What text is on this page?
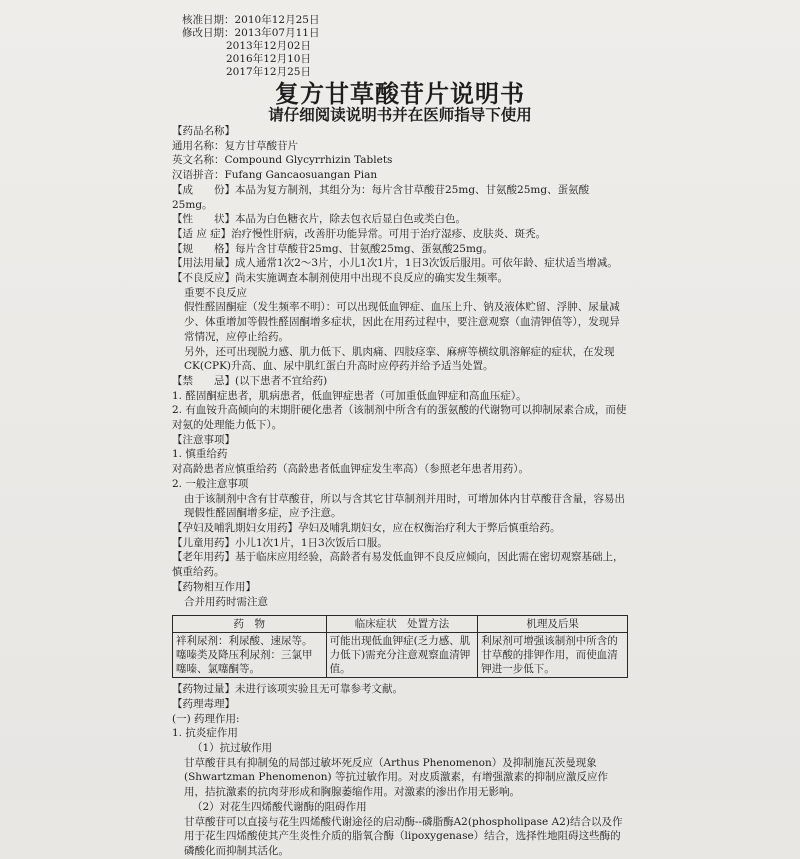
核准日期：2010年12月25日
修改日期：2013年07月11日
2013年12月02日
2016年12月10日
2017年12月25日
复方甘草酸苷片说明书
请仔细阅读说明书并在医师指导下使用
【药品名称】
通用名称：复方甘草酸苷片
英文名称：Compound Glycyrrhizin Tablets
汉语拼音：Fufang Gancaosuangan Pian
【成　　份】本品为复方制剂，其组分为：每片含甘草酸苷25mg、甘氨酸25mg、蛋氨酸25mg。
【性　　状】本品为白色糖衣片，除去包衣后显白色或类白色。
【适 应 症】治疗慢性肝病，改善肝功能异常。可用于治疗湿疹、皮肤炎、斑秃。
【规　　格】每片含甘草酸苷25mg、甘氨酸25mg、蛋氨酸25mg。
【用法用量】成人通常1次2～3片，小儿1次1片，1日3次饭后服用。可依年龄、症状适当增减。
【不良反应】尚未实施调查本制剂使用中出现不良反应的确实发生频率。
重要不良反应
假性醛固酮症（发生频率不明）：可以出现低血钾症、血压上升、钠及液体贮留、浮肿、尿量减少、体重增加等假性醛固酮增多症状，因此在用药过程中，要注意观察（血清钾值等），发现异常情况，应停止给药。
另外，还可出现脱力感、肌力低下、肌肉痛、四肢痉挛、麻痹等横纹肌溶解症的症状，在发现CK(CPK)升高、血、尿中肌红蛋白升高时应停药并给予适当处置。
【禁　　忌】(以下患者不宜给药)
1. 醛固酮症患者，肌病患者，低血钾症患者（可加重低血钾症和高血压症）。
2. 有血铵升高倾向的末期肝硬化患者（该制剂中所含有的蛋氨酸的代谢物可以抑制尿素合成，而使对氨的处理能力低下）。
【注意事项】
1. 慎重给药
对高龄患者应慎重给药（高龄患者低血钾症发生率高）（参照老年患者用药）。
2. 一般注意事项
由于该制剂中含有甘草酸苷，所以与含其它甘草制剂并用时，可增加体内甘草酸苷含量，容易出现假性醛固酮增多症，应予注意。
【孕妇及哺乳期妇女用药】孕妇及哺乳期妇女，应在权衡治疗利大于弊后慎重给药。
【儿童用药】小儿1次1片，1日3次饭后口服。
【老年用药】基于临床应用经验，高龄者有易发低血钾不良反应倾向，因此需在密切观察基础上，慎重给药。
【药物相互作用】
合并用药时需注意
药　物	临床症状　处置方法	机理及后果
袢利尿剂：利尿酸、速尿等。噻嗪类及降压利尿剂：三氯甲噻嗪、氯噻酮等。	可能出现低血钾症(乏力感、肌力低下)需充分注意观察血清钾值。	利尿剂可增强该制剂中所含的甘草酸的排钾作用，而使血清钾进一步低下。
【药物过量】未进行该项实验且无可靠参考文献。
【药理毒理】
(一) 药理作用:
1. 抗炎症作用
（1）抗过敏作用
甘草酸苷具有抑制兔的局部过敏坏死反应（Arthus Phenomenon）及抑制施瓦茨曼现象(Shwartzman Phenomenon) 等抗过敏作用。对皮质激素，有增强激素的抑制应激反应作用，拮抗激素的抗肉芽形成和胸腺萎缩作用。对激素的渗出作用无影响。
（2）对花生四烯酸代谢酶的阻碍作用
甘草酸苷可以直接与花生四烯酸代谢途径的启动酶--磷脂酶A2(phospholipase A2)结合以及作用于花生四烯酸使其产生炎性介质的脂氧合酶（lipoxygenase）结合，选择性地阻碍这些酶的磷酸化而抑制其活化。
